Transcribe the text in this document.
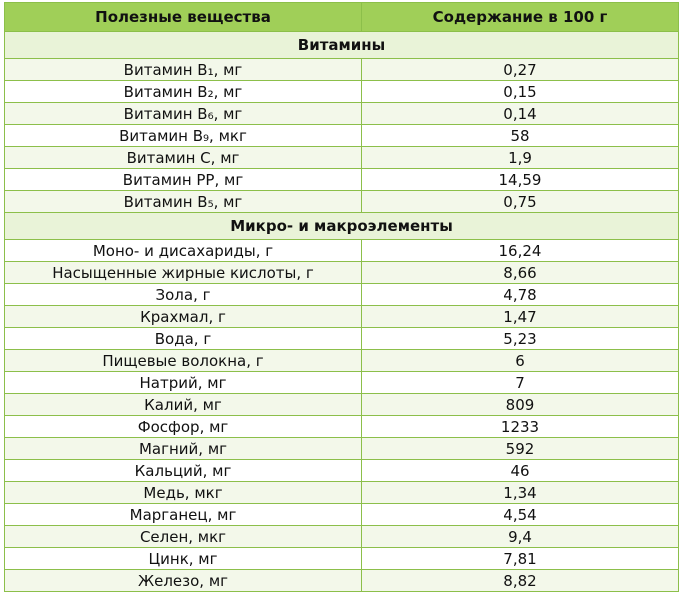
Полезные вещества	Содержание в 100 г
Витамины	
Витамин B₁, мг	0,27
Витамин B₂, мг	0,15
Витамин B₆, мг	0,14
Витамин B₉, мкг	58
Витамин C, мг	1,9
Витамин PP, мг	14,59
Витамин B₅, мг	0,75
Микро- и макроэлементы	
Моно- и дисахариды, г	16,24
Насыщенные жирные кислоты, г	8,66
Зола, г	4,78
Крахмал, г	1,47
Вода, г	5,23
Пищевые волокна, г	6
Натрий, мг	7
Калий, мг	809
Фосфор, мг	1233
Магний, мг	592
Кальций, мг	46
Медь, мкг	1,34
Марганец, мг	4,54
Селен, мкг	9,4
Цинк, мг	7,81
Железо, мг	8,82
